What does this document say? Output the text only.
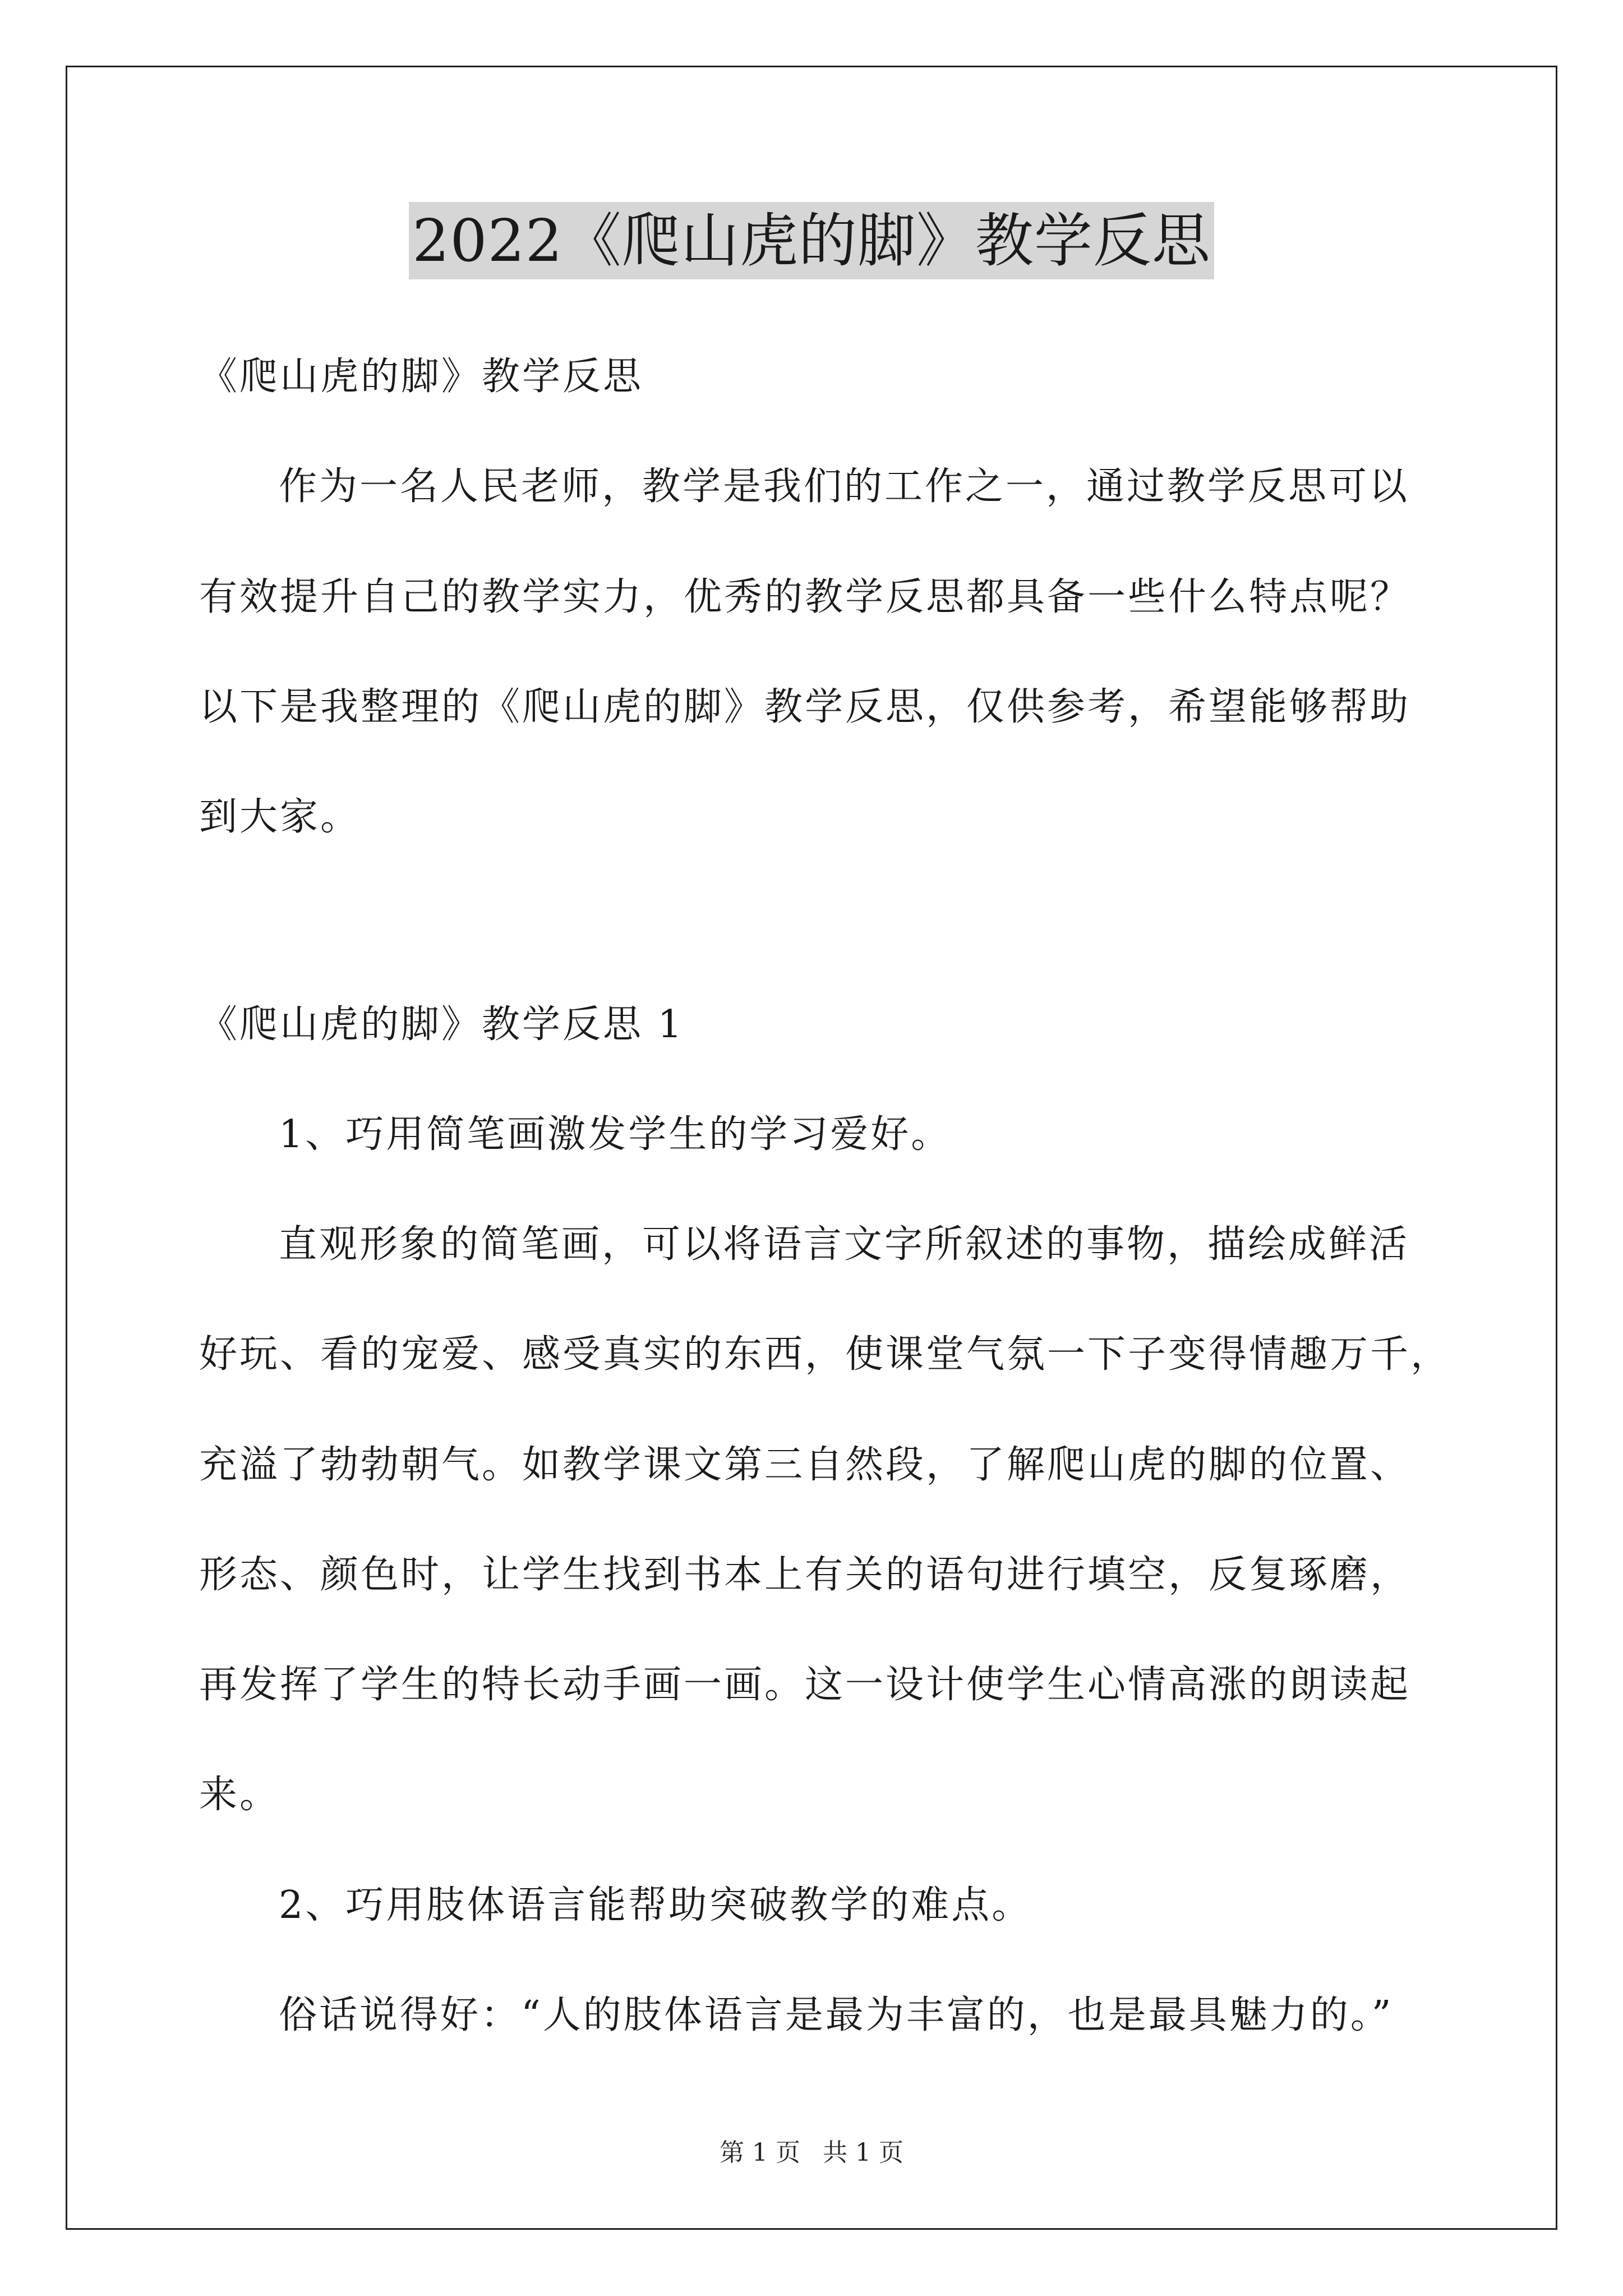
2022《爬山虎的脚》教学反思
《爬山虎的脚》教学反思
作为一名人民老师，教学是我们的工作之一，通过教学反思可以
有效提升自己的教学实力，优秀的教学反思都具备一些什么特点呢？
以下是我整理的《爬山虎的脚》教学反思，仅供参考，希望能够帮助
到大家。
《爬山虎的脚》教学反思 1
1、巧用简笔画激发学生的学习爱好。
直观形象的简笔画，可以将语言文字所叙述的事物，描绘成鲜活
好玩、看的宠爱、感受真实的东西，使课堂气氛一下子变得情趣万千，
充溢了勃勃朝气。如教学课文第三自然段，了解爬山虎的脚的位置、
形态、颜色时，让学生找到书本上有关的语句进行填空，反复琢磨，
再发挥了学生的特长动手画一画。这一设计使学生心情高涨的朗读起
来。
2、巧用肢体语言能帮助突破教学的难点。
俗话说得好：“人的肢体语言是最为丰富的，也是最具魅力的。”
第 1 页 共 1 页
